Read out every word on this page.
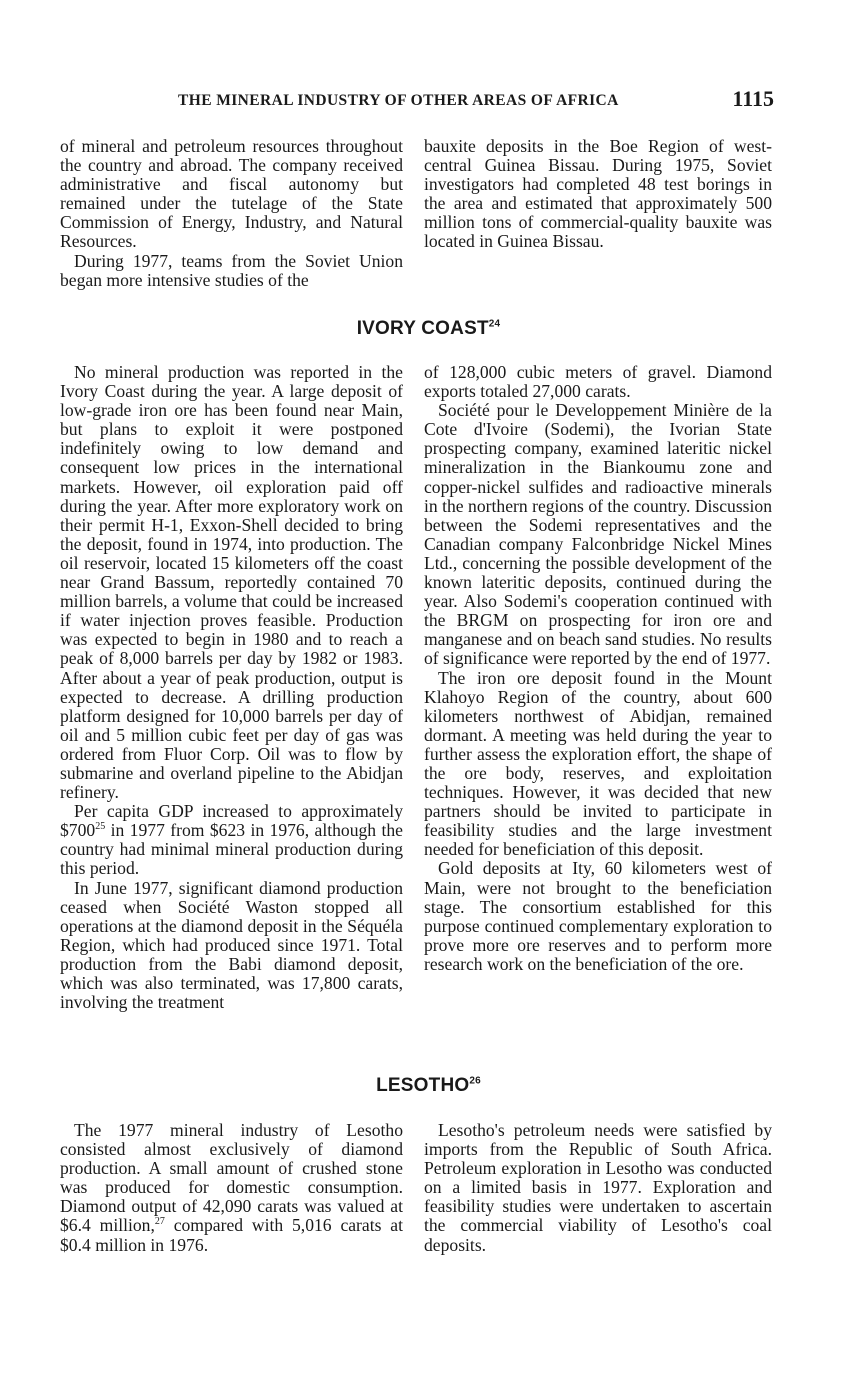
THE MINERAL INDUSTRY OF OTHER AREAS OF AFRICA	1115

of mineral and petroleum resources throughout the country and abroad. The company received administrative and fiscal autonomy but remained under the tutelage of the State Commission of Energy, Industry, and Natural Resources.

During 1977, teams from the Soviet Union began more intensive studies of the

bauxite deposits in the Boe Region of west-central Guinea Bissau. During 1975, Soviet investigators had completed 48 test borings in the area and estimated that approximately 500 million tons of commercial-quality bauxite was located in Guinea Bissau.

IVORY COAST$^{24}$

No mineral production was reported in the Ivory Coast during the year. A large deposit of low-grade iron ore has been found near Main, but plans to exploit it were postponed indefinitely owing to low demand and consequent low prices in the international markets. However, oil exploration paid off during the year. After more exploratory work on their permit H-1, Exxon-Shell decided to bring the deposit, found in 1974, into production. The oil reservoir, located 15 kilometers off the coast near Grand Bassum, reportedly contained 70 million barrels, a volume that could be increased if water injection proves feasible. Production was expected to begin in 1980 and to reach a peak of 8,000 barrels per day by 1982 or 1983. After about a year of peak production, output is expected to decrease. A drilling production platform designed for 10,000 barrels per day of oil and 5 million cubic feet per day of gas was ordered from Fluor Corp. Oil was to flow by submarine and overland pipeline to the Abidjan refinery.

Per capita GDP increased to approximately $\$700^{25}$ in 1977 from $623 in 1976, although the country had minimal mineral production during this period.

In June 1977, significant diamond production ceased when Société Waston stopped all operations at the diamond deposit in the Séquéla Region, which had produced since 1971. Total production from the Babi diamond deposit, which was also terminated, was 17,800 carats, involving the treatment

of 128,000 cubic meters of gravel. Diamond exports totaled 27,000 carats.

Société pour le Developpement Minière de la Cote d'Ivoire (Sodemi), the Ivorian State prospecting company, examined lateritic nickel mineralization in the Biankoumu zone and copper-nickel sulfides and radioactive minerals in the northern regions of the country. Discussion between the Sodemi representatives and the Canadian company Falconbridge Nickel Mines Ltd., concerning the possible development of the known lateritic deposits, continued during the year. Also Sodemi's cooperation continued with the BRGM on prospecting for iron ore and manganese and on beach sand studies. No results of significance were reported by the end of 1977.

The iron ore deposit found in the Mount Klahoyo Region of the country, about 600 kilometers northwest of Abidjan, remained dormant. A meeting was held during the year to further assess the exploration effort, the shape of the ore body, reserves, and exploitation techniques. However, it was decided that new partners should be invited to participate in feasibility studies and the large investment needed for beneficiation of this deposit.

Gold deposits at Ity, 60 kilometers west of Main, were not brought to the beneficiation stage. The consortium established for this purpose continued complementary exploration to prove more ore reserves and to perform more research work on the beneficiation of the ore.

LESOTHO$^{26}$

The 1977 mineral industry of Lesotho consisted almost exclusively of diamond production. A small amount of crushed stone was produced for domestic consumption. Diamond output of 42,090 carats was valued at $6.4 million,$^{27}$ compared with 5,016 carats at $0.4 million in 1976.

Lesotho's petroleum needs were satisfied by imports from the Republic of South Africa. Petroleum exploration in Lesotho was conducted on a limited basis in 1977. Exploration and feasibility studies were undertaken to ascertain the commercial viability of Lesotho's coal deposits.
